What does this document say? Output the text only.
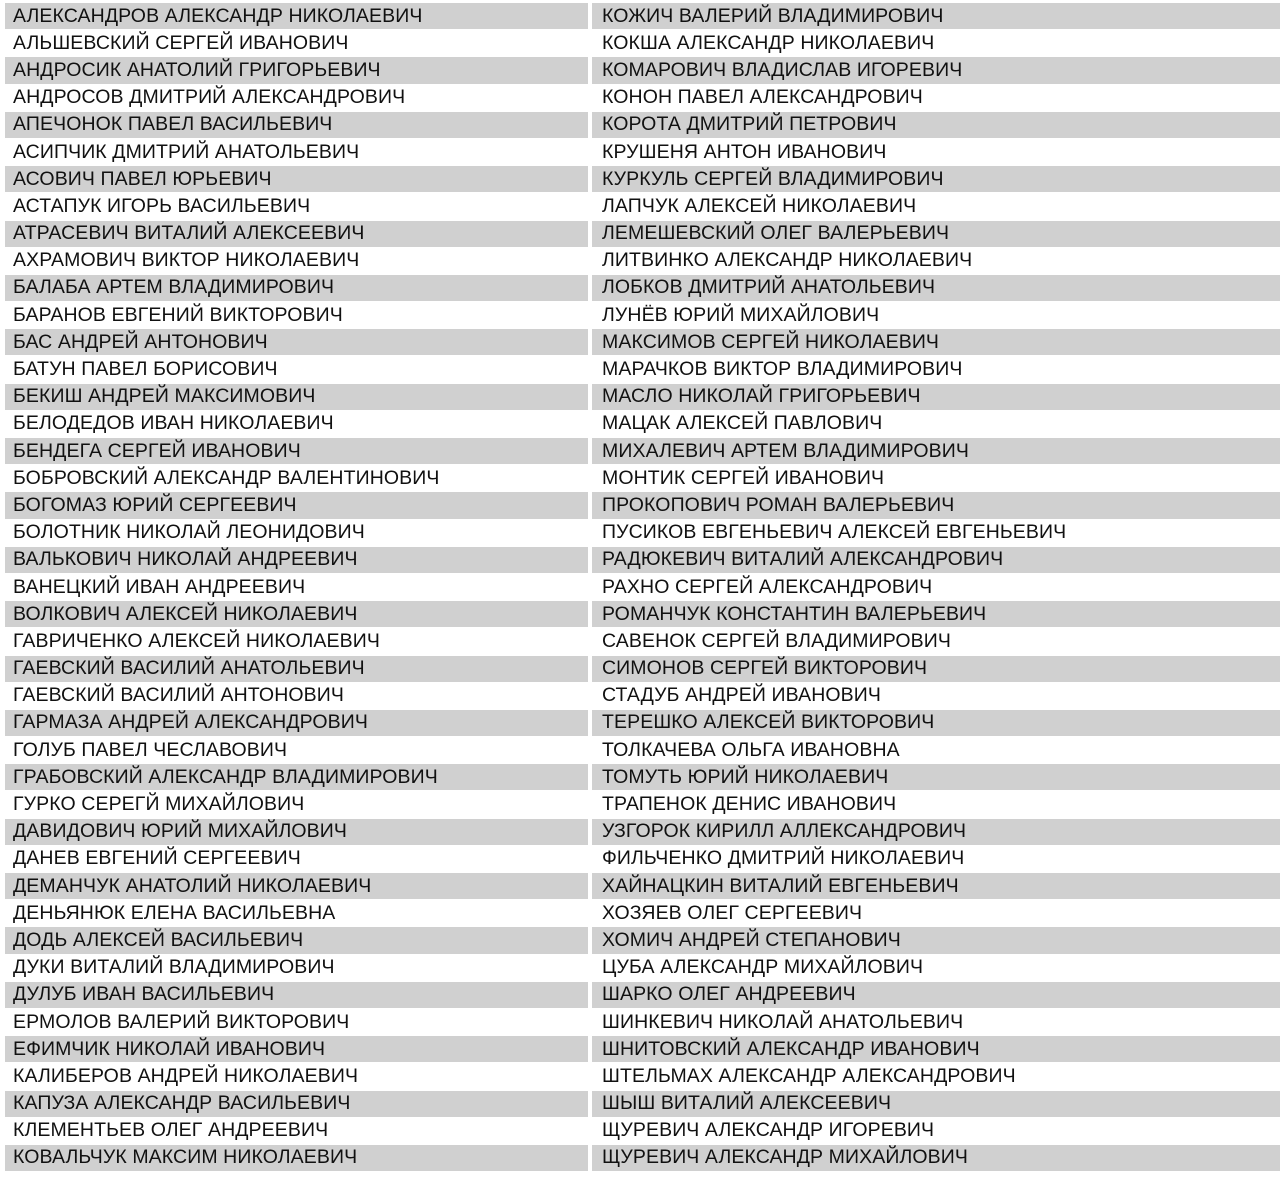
АЛЕКСАНДРОВ АЛЕКСАНДР НИКОЛАЕВИЧ
АЛЬШЕВСКИЙ СЕРГЕЙ ИВАНОВИЧ
АНДРОСИК АНАТОЛИЙ ГРИГОРЬЕВИЧ
АНДРОСОВ ДМИТРИЙ АЛЕКСАНДРОВИЧ
АПЕЧОНОК ПАВЕЛ ВАСИЛЬЕВИЧ
АСИПЧИК ДМИТРИЙ АНАТОЛЬЕВИЧ
АСОВИЧ ПАВЕЛ ЮРЬЕВИЧ
АСТАПУК ИГОРЬ ВАСИЛЬЕВИЧ
АТРАСЕВИЧ ВИТАЛИЙ АЛЕКСЕЕВИЧ
АХРАМОВИЧ ВИКТОР НИКОЛАЕВИЧ
БАЛАБА АРТЕМ ВЛАДИМИРОВИЧ
БАРАНОВ ЕВГЕНИЙ ВИКТОРОВИЧ
БАС АНДРЕЙ АНТОНОВИЧ
БАТУН ПАВЕЛ БОРИСОВИЧ
БЕКИШ АНДРЕЙ МАКСИМОВИЧ
БЕЛОДЕДОВ ИВАН НИКОЛАЕВИЧ
БЕНДЕГА СЕРГЕЙ ИВАНОВИЧ
БОБРОВСКИЙ АЛЕКСАНДР ВАЛЕНТИНОВИЧ
БОГОМАЗ ЮРИЙ СЕРГЕЕВИЧ
БОЛОТНИК НИКОЛАЙ ЛЕОНИДОВИЧ
ВАЛЬКОВИЧ НИКОЛАЙ АНДРЕЕВИЧ
ВАНЕЦКИЙ ИВАН АНДРЕЕВИЧ
ВОЛКОВИЧ АЛЕКСЕЙ НИКОЛАЕВИЧ
ГАВРИЧЕНКО АЛЕКСЕЙ НИКОЛАЕВИЧ
ГАЕВСКИЙ ВАСИЛИЙ АНАТОЛЬЕВИЧ
ГАЕВСКИЙ ВАСИЛИЙ АНТОНОВИЧ
ГАРМАЗА АНДРЕЙ АЛЕКСАНДРОВИЧ
ГОЛУБ ПАВЕЛ ЧЕСЛАВОВИЧ
ГРАБОВСКИЙ АЛЕКСАНДР ВЛАДИМИРОВИЧ
ГУРКО СЕРЕГЙ МИХАЙЛОВИЧ
ДАВИДОВИЧ ЮРИЙ МИХАЙЛОВИЧ
ДАНЕВ ЕВГЕНИЙ СЕРГЕЕВИЧ
ДЕМАНЧУК АНАТОЛИЙ НИКОЛАЕВИЧ
ДЕНЬЯНЮК ЕЛЕНА ВАСИЛЬЕВНА
ДОДЬ АЛЕКСЕЙ ВАСИЛЬЕВИЧ
ДУКИ ВИТАЛИЙ ВЛАДИМИРОВИЧ
ДУЛУБ ИВАН ВАСИЛЬЕВИЧ
ЕРМОЛОВ ВАЛЕРИЙ ВИКТОРОВИЧ
ЕФИМЧИК НИКОЛАЙ ИВАНОВИЧ
КАЛИБЕРОВ АНДРЕЙ НИКОЛАЕВИЧ
КАПУЗА АЛЕКСАНДР ВАСИЛЬЕВИЧ
КЛЕМЕНТЬЕВ ОЛЕГ АНДРЕЕВИЧ
КОВАЛЬЧУК МАКСИМ НИКОЛАЕВИЧ
КОЖИЧ ВАЛЕРИЙ ВЛАДИМИРОВИЧ
КОКША АЛЕКСАНДР НИКОЛАЕВИЧ
КОМАРОВИЧ ВЛАДИСЛАВ ИГОРЕВИЧ
КОНОН ПАВЕЛ АЛЕКСАНДРОВИЧ
КОРОТА ДМИТРИЙ ПЕТРОВИЧ
КРУШЕНЯ АНТОН ИВАНОВИЧ
КУРКУЛЬ СЕРГЕЙ ВЛАДИМИРОВИЧ
ЛАПЧУК АЛЕКСЕЙ НИКОЛАЕВИЧ
ЛЕМЕШЕВСКИЙ ОЛЕГ ВАЛЕРЬЕВИЧ
ЛИТВИНКО АЛЕКСАНДР НИКОЛАЕВИЧ
ЛОБКОВ ДМИТРИЙ АНАТОЛЬЕВИЧ
ЛУНЁВ ЮРИЙ МИХАЙЛОВИЧ
МАКСИМОВ СЕРГЕЙ НИКОЛАЕВИЧ
МАРАЧКОВ ВИКТОР ВЛАДИМИРОВИЧ
МАСЛО НИКОЛАЙ ГРИГОРЬЕВИЧ
МАЦАК АЛЕКСЕЙ ПАВЛОВИЧ
МИХАЛЕВИЧ АРТЕМ ВЛАДИМИРОВИЧ
МОНТИК СЕРГЕЙ ИВАНОВИЧ
ПРОКОПОВИЧ РОМАН ВАЛЕРЬЕВИЧ
ПУСИКОВ ЕВГЕНЬЕВИЧ АЛЕКСЕЙ ЕВГЕНЬЕВИЧ
РАДЮКЕВИЧ ВИТАЛИЙ АЛЕКСАНДРОВИЧ
РАХНО СЕРГЕЙ АЛЕКСАНДРОВИЧ
РОМАНЧУК КОНСТАНТИН ВАЛЕРЬЕВИЧ
САВЕНОК СЕРГЕЙ ВЛАДИМИРОВИЧ
СИМОНОВ СЕРГЕЙ ВИКТОРОВИЧ
СТАДУБ АНДРЕЙ ИВАНОВИЧ
ТЕРЕШКО АЛЕКСЕЙ ВИКТОРОВИЧ
ТОЛКАЧЕВА ОЛЬГА ИВАНОВНА
ТОМУТЬ ЮРИЙ НИКОЛАЕВИЧ
ТРАПЕНОК ДЕНИС ИВАНОВИЧ
УЗГОРОК КИРИЛЛ АЛЛЕКСАНДРОВИЧ
ФИЛЬЧЕНКО ДМИТРИЙ НИКОЛАЕВИЧ
ХАЙНАЦКИН ВИТАЛИЙ ЕВГЕНЬЕВИЧ
ХОЗЯЕВ ОЛЕГ СЕРГЕЕВИЧ
ХОМИЧ АНДРЕЙ СТЕПАНОВИЧ
ЦУБА АЛЕКСАНДР МИХАЙЛОВИЧ
ШАРКО ОЛЕГ АНДРЕЕВИЧ
ШИНКЕВИЧ НИКОЛАЙ АНАТОЛЬЕВИЧ
ШНИТОВСКИЙ АЛЕКСАНДР ИВАНОВИЧ
ШТЕЛЬМАХ АЛЕКСАНДР АЛЕКСАНДРОВИЧ
ШЫШ ВИТАЛИЙ АЛЕКСЕЕВИЧ
ЩУРЕВИЧ АЛЕКСАНДР ИГОРЕВИЧ
ЩУРЕВИЧ АЛЕКСАНДР МИХАЙЛОВИЧ
